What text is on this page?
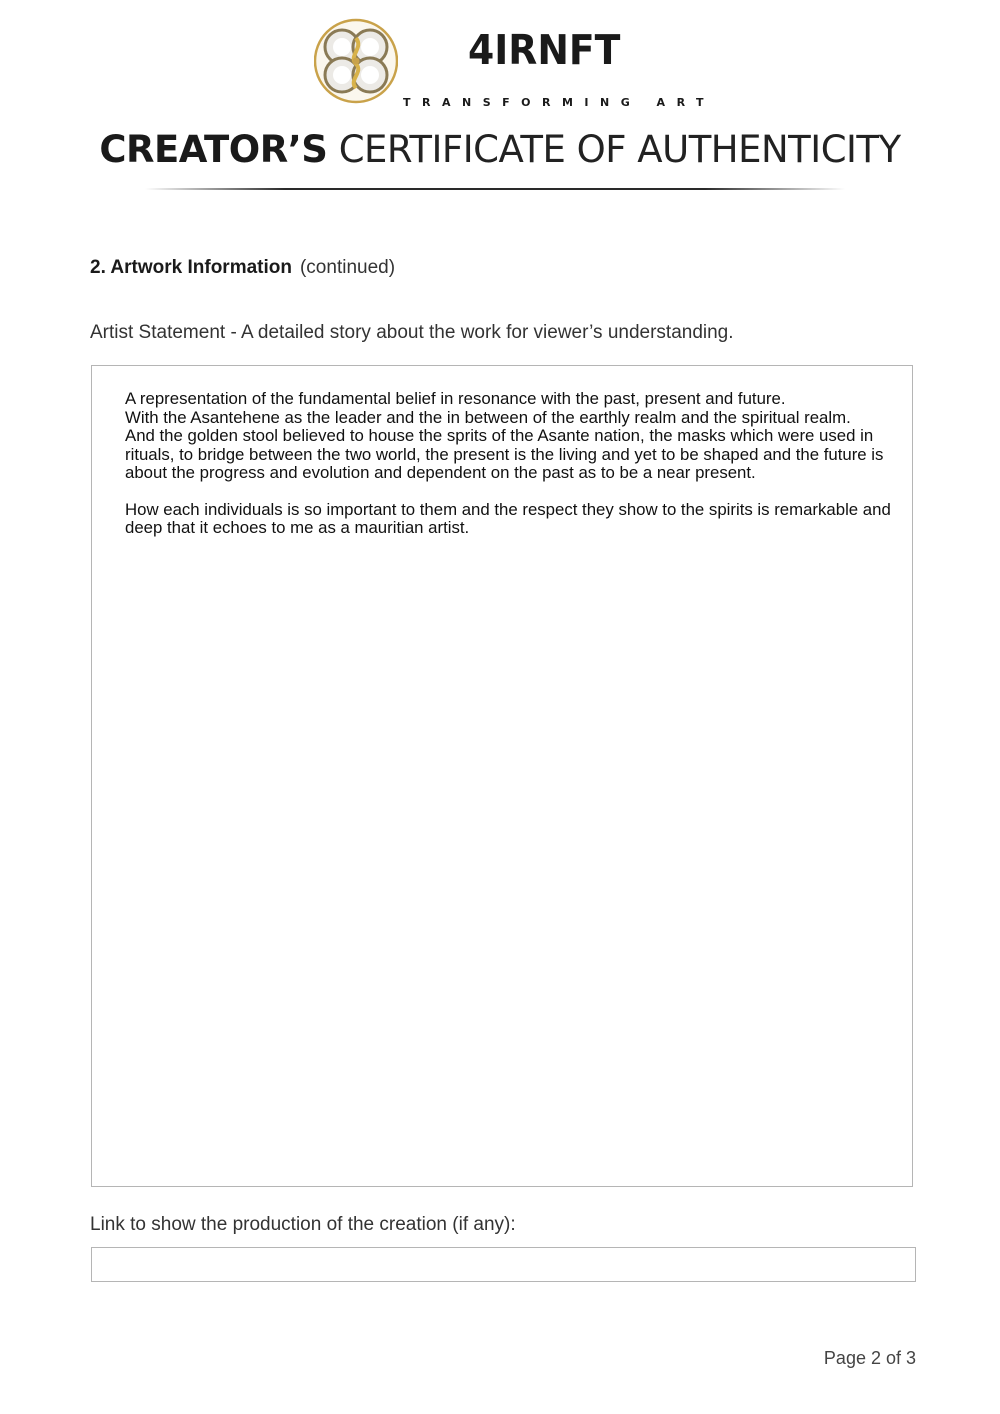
4IRNFT
TRANSFORMING ART
CREATOR’S CERTIFICATE OF AUTHENTICITY
2. Artwork Information (continued)
Artist Statement - A detailed story about the work for viewer’s understanding.

A representation of the fundamental belief in resonance with the past, present and future.

With the Asantehene as the leader and the in between of the earthly realm and the spiritual realm.

And the golden stool believed to house the sprits of the Asante nation, the masks which were used in rituals, to bridge between the two world, the present is the living and yet to be shaped and the future is about the progress and evolution and dependent on the past as to be a near present.

How each individuals is so important to them and the respect they show to the spirits is remarkable and deep that it echoes to me as a mauritian artist.

Link to show the production of the creation (if any):
Page 2 of 3
